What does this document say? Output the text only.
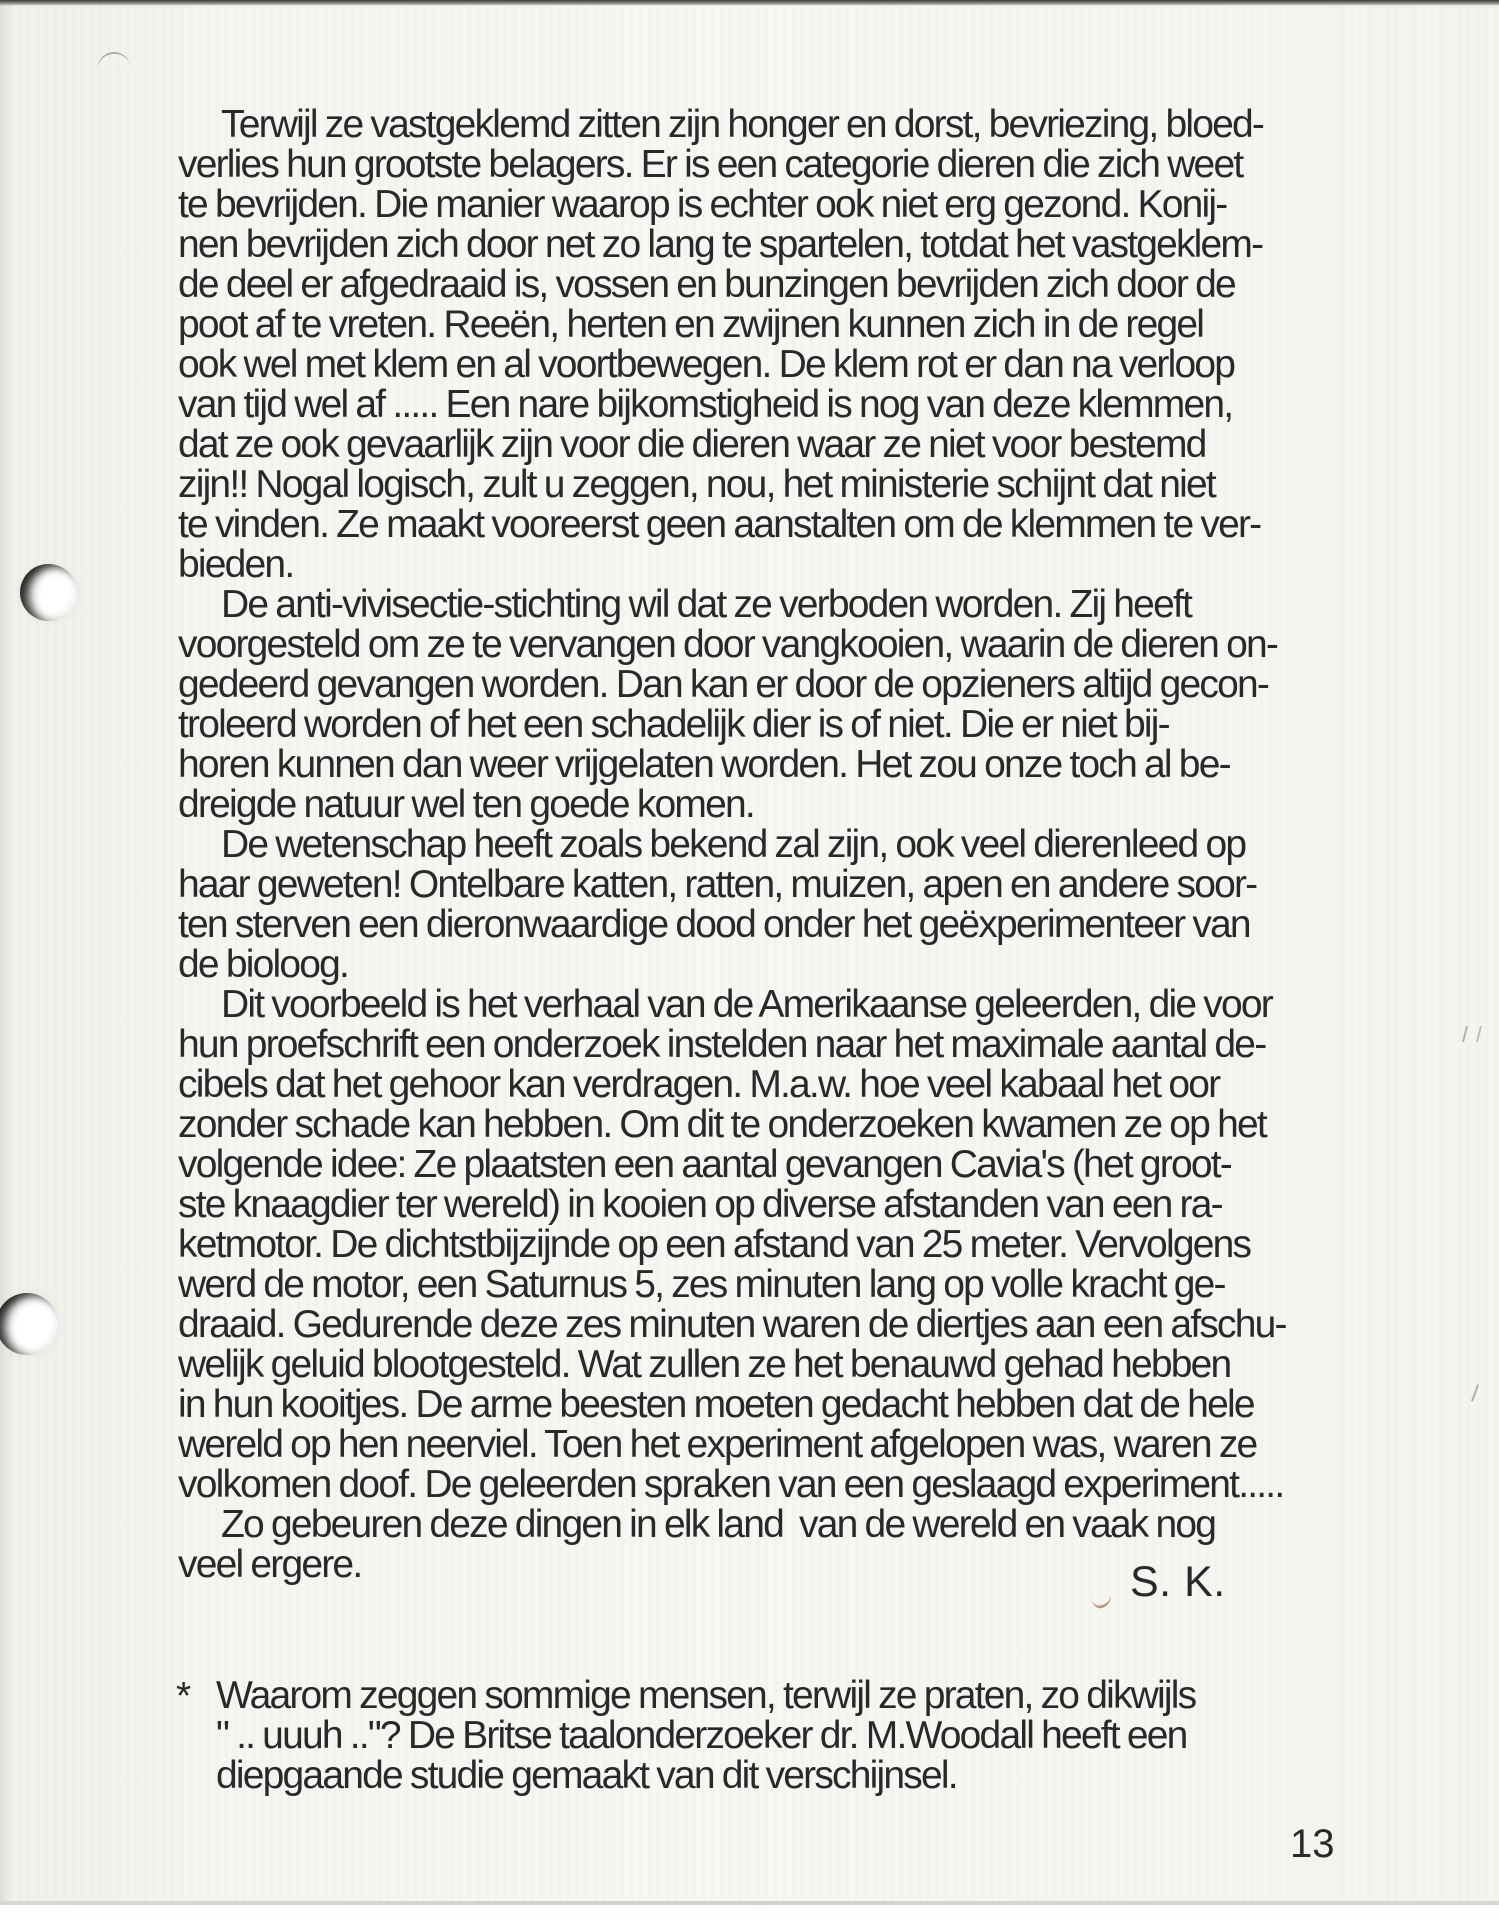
Terwijl ze vastgeklemd zitten zijn honger en dorst, bevriezing, bloed-
verlies hun grootste belagers. Er is een categorie dieren die zich weet
te bevrijden. Die manier waarop is echter ook niet erg gezond. Konij-
nen bevrijden zich door net zo lang te spartelen, totdat het vastgeklem-
de deel er afgedraaid is, vossen en bunzingen bevrijden zich door de
poot af te vreten. Reeën, herten en zwijnen kunnen zich in de regel
ook wel met klem en al voortbewegen. De klem rot er dan na verloop
van tijd wel af ..... Een nare bijkomstigheid is nog van deze klemmen,
dat ze ook gevaarlijk zijn voor die dieren waar ze niet voor bestemd
zijn!! Nogal logisch, zult u zeggen, nou, het ministerie schijnt dat niet
te vinden. Ze maakt vooreerst geen aanstalten om de klemmen te ver-
bieden.
De anti-vivisectie-stichting wil dat ze verboden worden. Zij heeft
voorgesteld om ze te vervangen door vangkooien, waarin de dieren on-
gedeerd gevangen worden. Dan kan er door de opzieners altijd gecon-
troleerd worden of het een schadelijk dier is of niet. Die er niet bij-
horen kunnen dan weer vrijgelaten worden. Het zou onze toch al be-
dreigde natuur wel ten goede komen.
De wetenschap heeft zoals bekend zal zijn, ook veel dierenleed op
haar geweten! Ontelbare katten, ratten, muizen, apen en andere soor-
ten sterven een dieronwaardige dood onder het geëxperimenteer van
de bioloog.
Dit voorbeeld is het verhaal van de Amerikaanse geleerden, die voor
hun proefschrift een onderzoek instelden naar het maximale aantal de-
cibels dat het gehoor kan verdragen. M.a.w. hoe veel kabaal het oor
zonder schade kan hebben. Om dit te onderzoeken kwamen ze op het
volgende idee: Ze plaatsten een aantal gevangen Cavia's (het groot-
ste knaagdier ter wereld) in kooien op diverse afstanden van een ra-
ketmotor. De dichtstbijzijnde op een afstand van 25 meter. Vervolgens
werd de motor, een Saturnus 5, zes minuten lang op volle kracht ge-
draaid. Gedurende deze zes minuten waren de diertjes aan een afschu-
welijk geluid blootgesteld. Wat zullen ze het benauwd gehad hebben
in hun kooitjes. De arme beesten moeten gedacht hebben dat de hele
wereld op hen neerviel. Toen het experiment afgelopen was, waren ze
volkomen doof. De geleerden spraken van een geslaagd experiment.....
Zo gebeuren deze dingen in elk land  van de wereld en vaak nog
veel ergere.	S. K.
* Waarom zeggen sommige mensen, terwijl ze praten, zo dikwijls
" .. uuuh .."? De Britse taalonderzoeker dr. M.Woodall heeft een
diepgaande studie gemaakt van dit verschijnsel.
13
